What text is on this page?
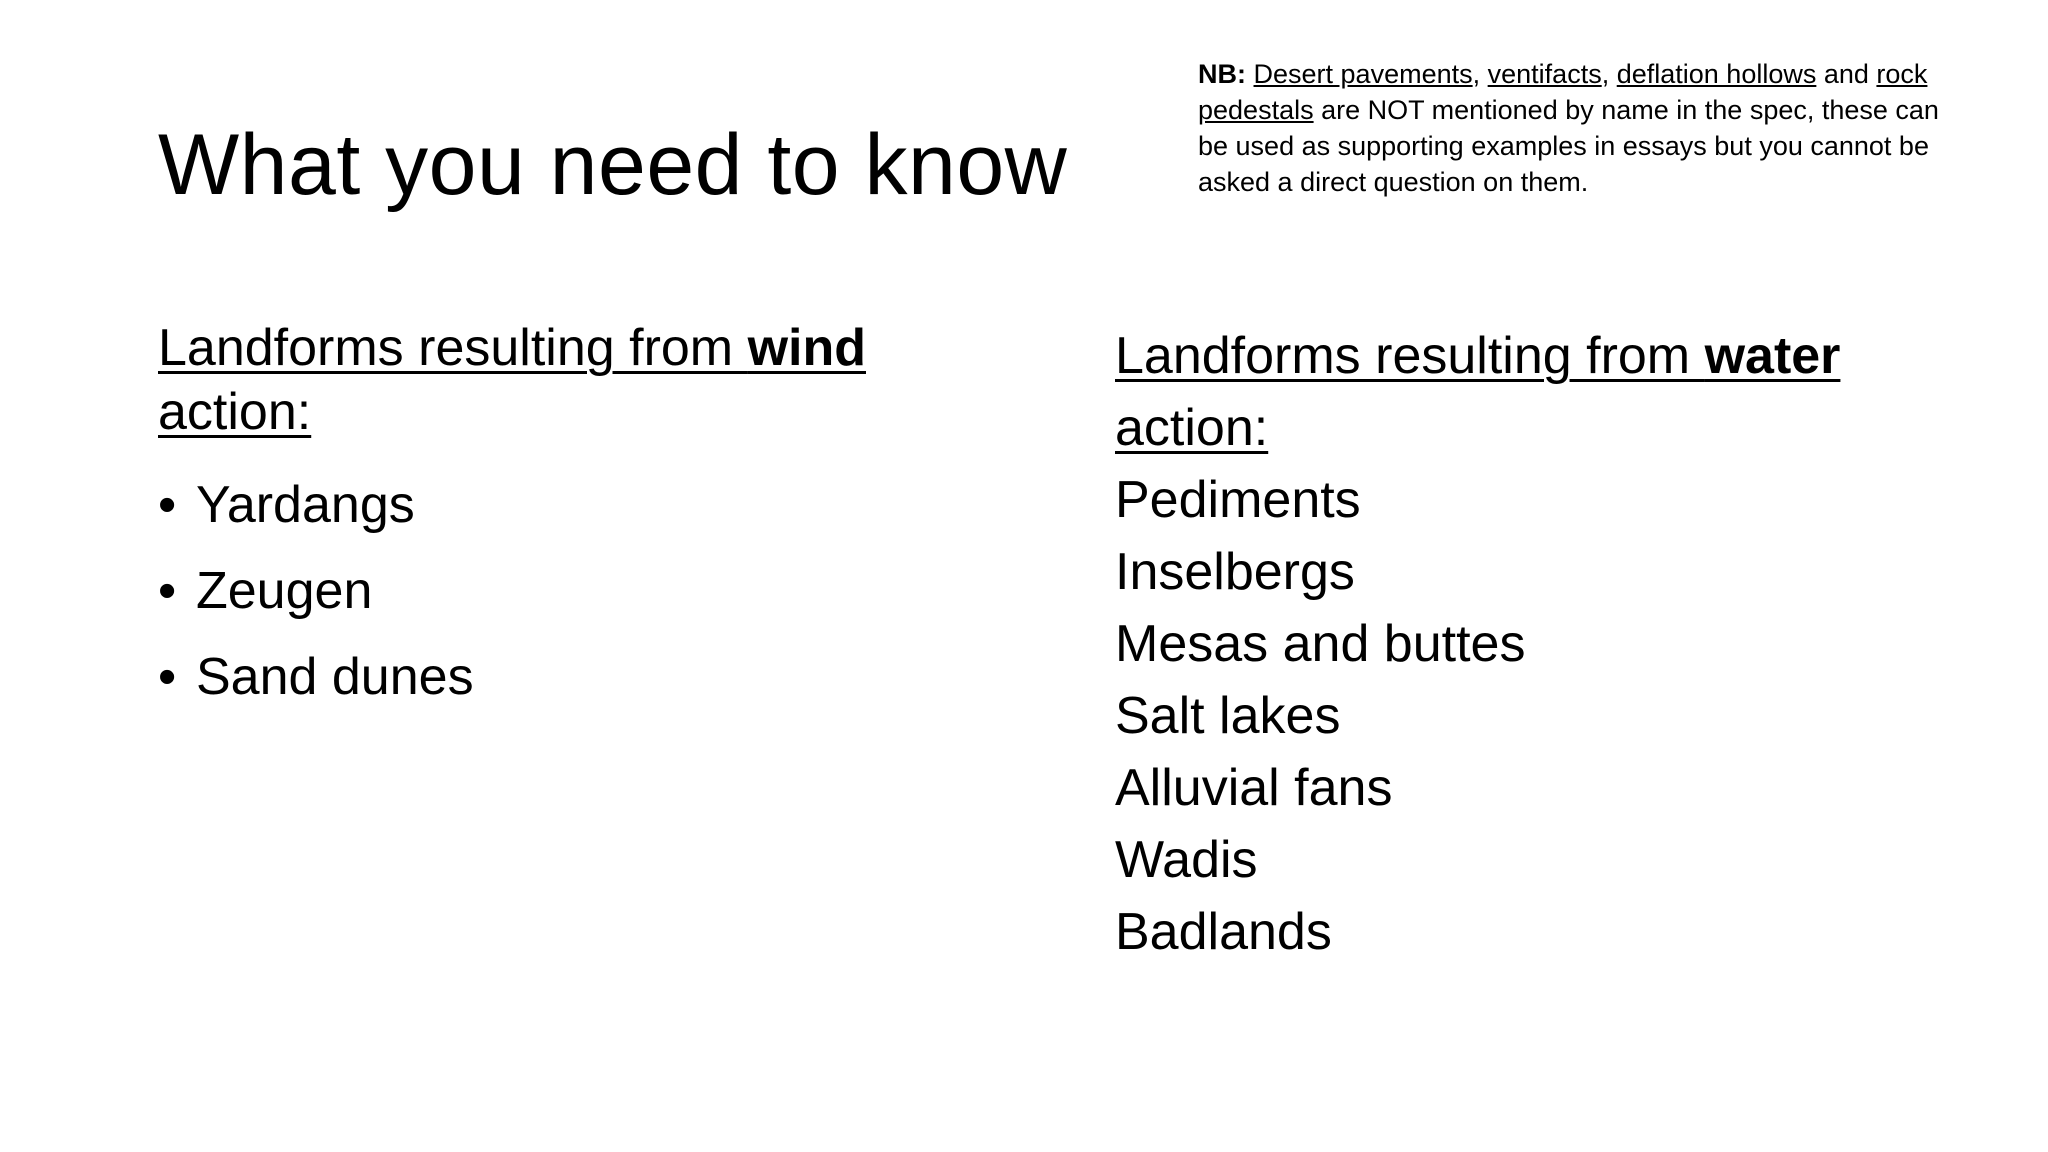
What you need to know
NB: Desert pavements, ventifacts, deflation hollows and rock pedestals are NOT mentioned by name in the spec, these can be used as supporting examples in essays but you cannot be asked a direct question on them.
Landforms resulting from wind action:
• Yardangs
• Zeugen
• Sand dunes
Landforms resulting from water action:
Pediments
Inselbergs
Mesas and buttes
Salt lakes
Alluvial fans
Wadis
Badlands
